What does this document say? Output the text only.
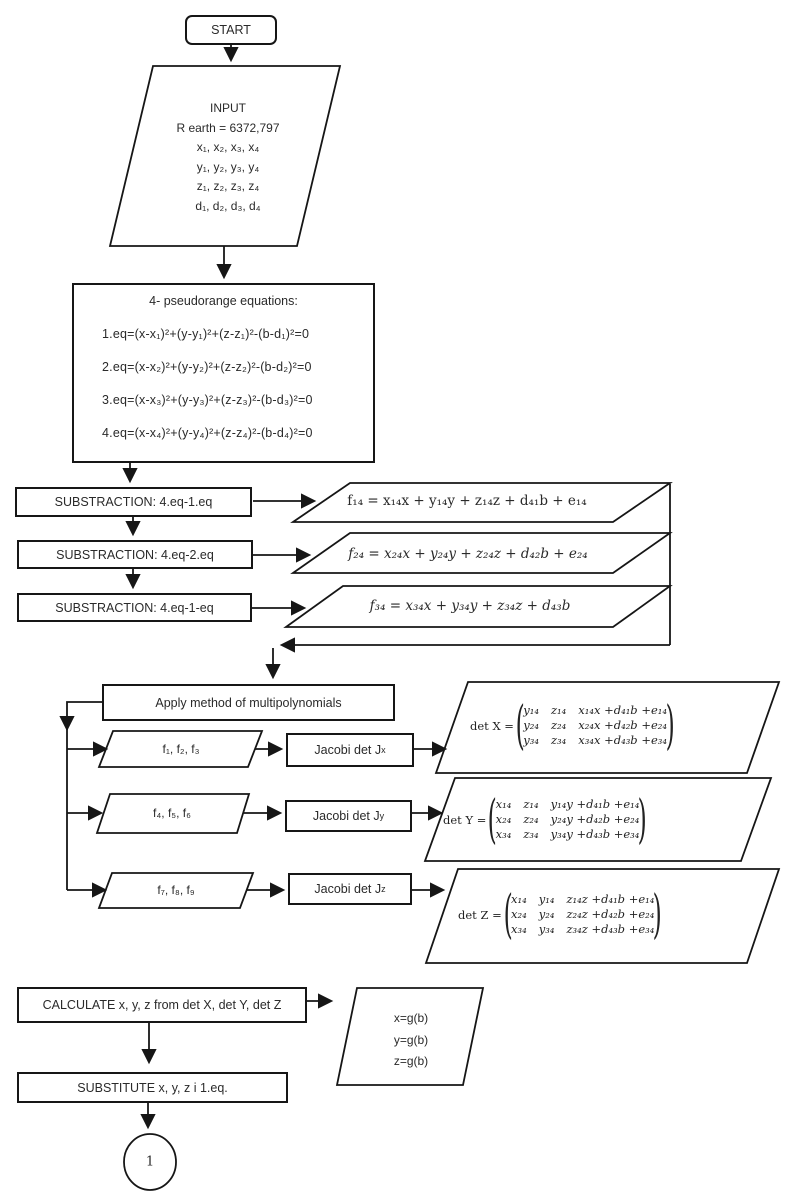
START
INPUT
R earth = 6372,797
x₁, x₂, x₃, x₄
y₁, y₂, y₃, y₄
z₁, z₂, z₃, z₄
d₁, d₂, d₃, d₄
4- pseudorange equations:
1.eq=(x-x₁)²+(y-y₁)²+(z-z₁)²-(b-d₁)²=0
2.eq=(x-x₂)²+(y-y₂)²+(z-z₂)²-(b-d₂)²=0
3.eq=(x-x₃)²+(y-y₃)²+(z-z₃)²-(b-d₃)²=0
4.eq=(x-x₄)²+(y-y₄)²+(z-z₄)²-(b-d₄)²=0
SUBSTRACTION: 4.eq-1.eq
SUBSTRACTION: 4.eq-2.eq
SUBSTRACTION: 4.eq-1-eq
f₁₄ = x₁₄x + y₁₄y + z₁₄z + d₄₁b + e₁₄
f₂₄ = x₂₄x + y₂₄y + z₂₄z + d₄₂b + e₂₄
f₃₄ = x₃₄x + y₃₄y + z₃₄z + d₄₃b
Apply method of multipolynomials
f₁, f₂, f₃	Jacobi det J x
det X = (
y₁₄ z₁₄ x₁₄x +d₄₁b +e₁₄
y₂₄ z₂₄ x₂₄x +d₄₂b +e₂₄
y₃₄ z₃₄ x₃₄x +d₄₃b +e₃₄
)
f₄, f₅, f₆	Jacobi det J y	det Y = (
x₁₄ z₁₄ y₁₄y +d₄₁b +e₁₄
x₂₄ z₂₄ y₂₄y +d₄₂b +e₂₄
x₃₄ z₃₄ y₃₄y +d₄₃b +e₃₄
)
f₇, f₈, f₉	Jacobi det J z
det Z = (
x₁₄ y₁₄ z₁₄z +d₄₁b +e₁₄
x₂₄ y₂₄ z₂₄z +d₄₂b +e₂₄
x₃₄ y₃₄ z₃₄z +d₄₃b +e₃₄
)
CALCULATE x, y, z from det X, det Y, det Z
x=g(b)
y=g(b)
z=g(b)
SUBSTITUTE x, y, z i 1.eq.
1
